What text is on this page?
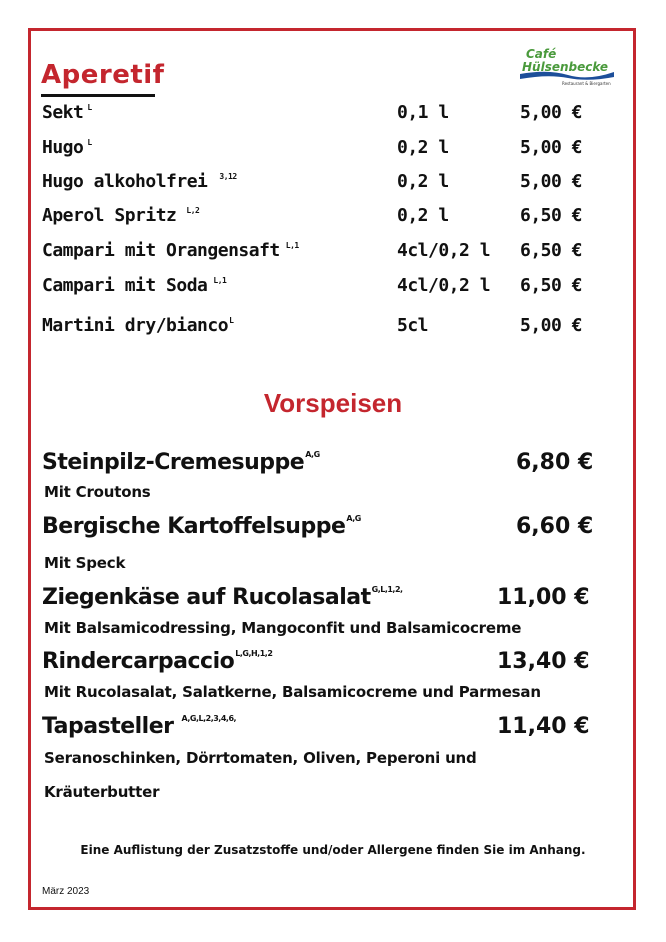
Café
Hülsenbecke
Restaurant & Biergarten
Aperetif
Sekt $^L$	0,1 l	5,00 €
Hugo $^L$	0,2 l	5,00 €
Hugo alkoholfrei $^{3,12}$	0,2 l	5,00 €
Aperol Spritz $^{L,2}$	0,2 l	6,50 €
Campari mit Orangensaft $^{L,1}$	4cl/0,2 l 6,50 €
Campari mit Soda $^{L,1}$	4cl/0,2 l 6,50 €
Martini dry/bianco$^L$	5cl	5,00 €
Vorspeisen
Steinpilz-Cremesuppe$^{A,G}$	6,80 €
Mit Croutons
Bergische Kartoffelsuppe$^{A,G}$	6,60 €
Mit Speck
Ziegenkäse auf Rucolasalat$^{G,L,1,2,}$	11,00 €
Mit Balsamicodressing, Mangoconfit und Balsamicocreme
Rindercarpaccio$^{L,G,H,1,2}$	13,40 €
Mit Rucolasalat, Salatkerne, Balsamicocreme und Parmesan
Tapasteller $^{A,G,L,2,3,4,6,}$	11,40 €
Seranoschinken, Dörrtomaten, Oliven, Peperoni und
Kräuterbutter
Eine Auflistung der Zusatzstoffe und/oder Allergene finden Sie im Anhang.
März 2023
